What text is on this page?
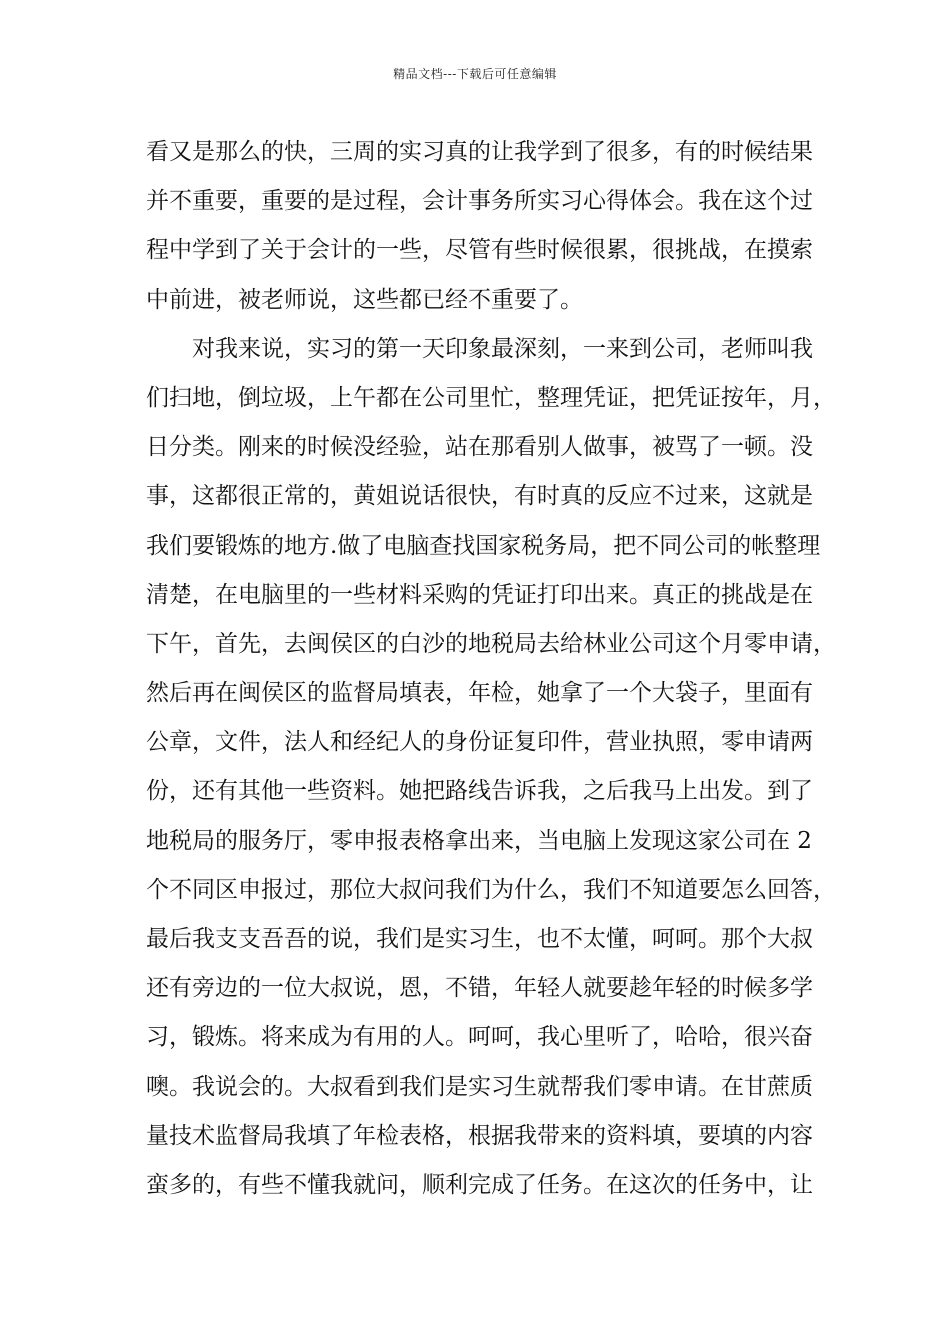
精品文档---下载后可任意编辑
看又是那么的快，三周的实习真的让我学到了很多，有的时候结果
并不重要，重要的是过程，会计事务所实习心得体会。我在这个过
程中学到了关于会计的一些，尽管有些时候很累，很挑战，在摸索
中前进，被老师说，这些都已经不重要了。
对我来说，实习的第一天印象最深刻，一来到公司，老师叫我
们扫地，倒垃圾，上午都在公司里忙，整理凭证，把凭证按年，月，
日分类。刚来的时候没经验，站在那看别人做事，被骂了一顿。没
事，这都很正常的，黄姐说话很快，有时真的反应不过来，这就是
我们要锻炼的地方.做了电脑查找国家税务局，把不同公司的帐整理
清楚，在电脑里的一些材料采购的凭证打印出来。真正的挑战是在
下午，首先，去闽侯区的白沙的地税局去给林业公司这个月零申请，
然后再在闽侯区的监督局填表，年检，她拿了一个大袋子，里面有
公章，文件，法人和经纪人的身份证复印件，营业执照，零申请两
份，还有其他一些资料。她把路线告诉我，之后我马上出发。到了
地税局的服务厅，零申报表格拿出来，当电脑上发现这家公司在 2
个不同区申报过，那位大叔问我们为什么，我们不知道要怎么回答，
最后我支支吾吾的说，我们是实习生，也不太懂，呵呵。那个大叔
还有旁边的一位大叔说，恩，不错，年轻人就要趁年轻的时候多学
习，锻炼。将来成为有用的人。呵呵，我心里听了，哈哈，很兴奋
噢。我说会的。大叔看到我们是实习生就帮我们零申请。在甘蔗质
量技术监督局我填了年检表格，根据我带来的资料填，要填的内容
蛮多的，有些不懂我就问，顺利完成了任务。在这次的任务中，让
